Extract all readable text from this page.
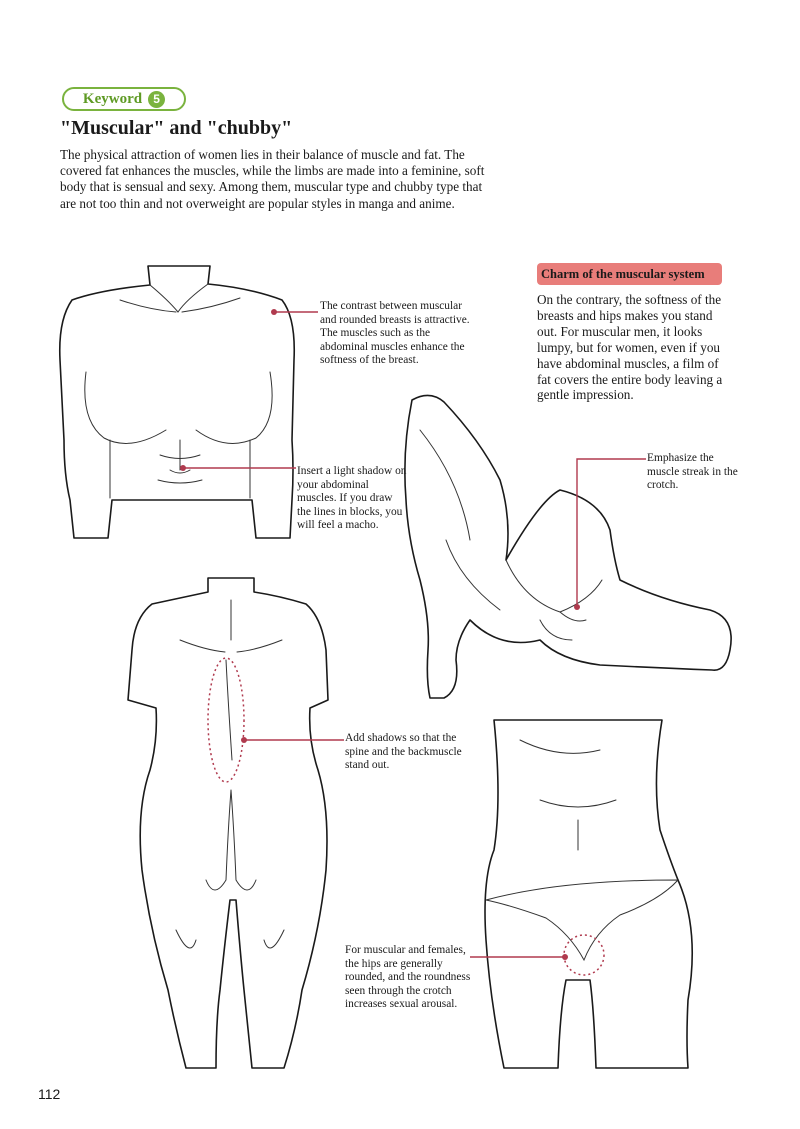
Keyword 5
"Muscular" and "chubby"

The physical attraction of women lies in their balance of muscle and fat. The covered fat enhances the muscles, while the limbs are made into a feminine, soft body that is sensual and sexy. Among them, muscular type and chubby type that are not too thin and not overweight are popular styles in manga and anime.

Charm of the muscular system

On the contrary, the softness of the breasts and hips makes you stand out. For muscular men, it looks lumpy, but for women, even if you have abdominal muscles, a film of fat covers the entire body leaving a gentle impression.

The contrast between muscular and rounded breasts is attractive. The muscles such as the abdominal muscles enhance the softness of the breast.

Insert a light shadow on your abdominal muscles. If you draw the lines in blocks, you will feel a macho.

Emphasize the muscle streak in the crotch.

Add shadows so that the spine and the backmuscle stand out.

For muscular and females, the hips are generally rounded, and the roundness seen through the crotch increases sexual arousal.

112
